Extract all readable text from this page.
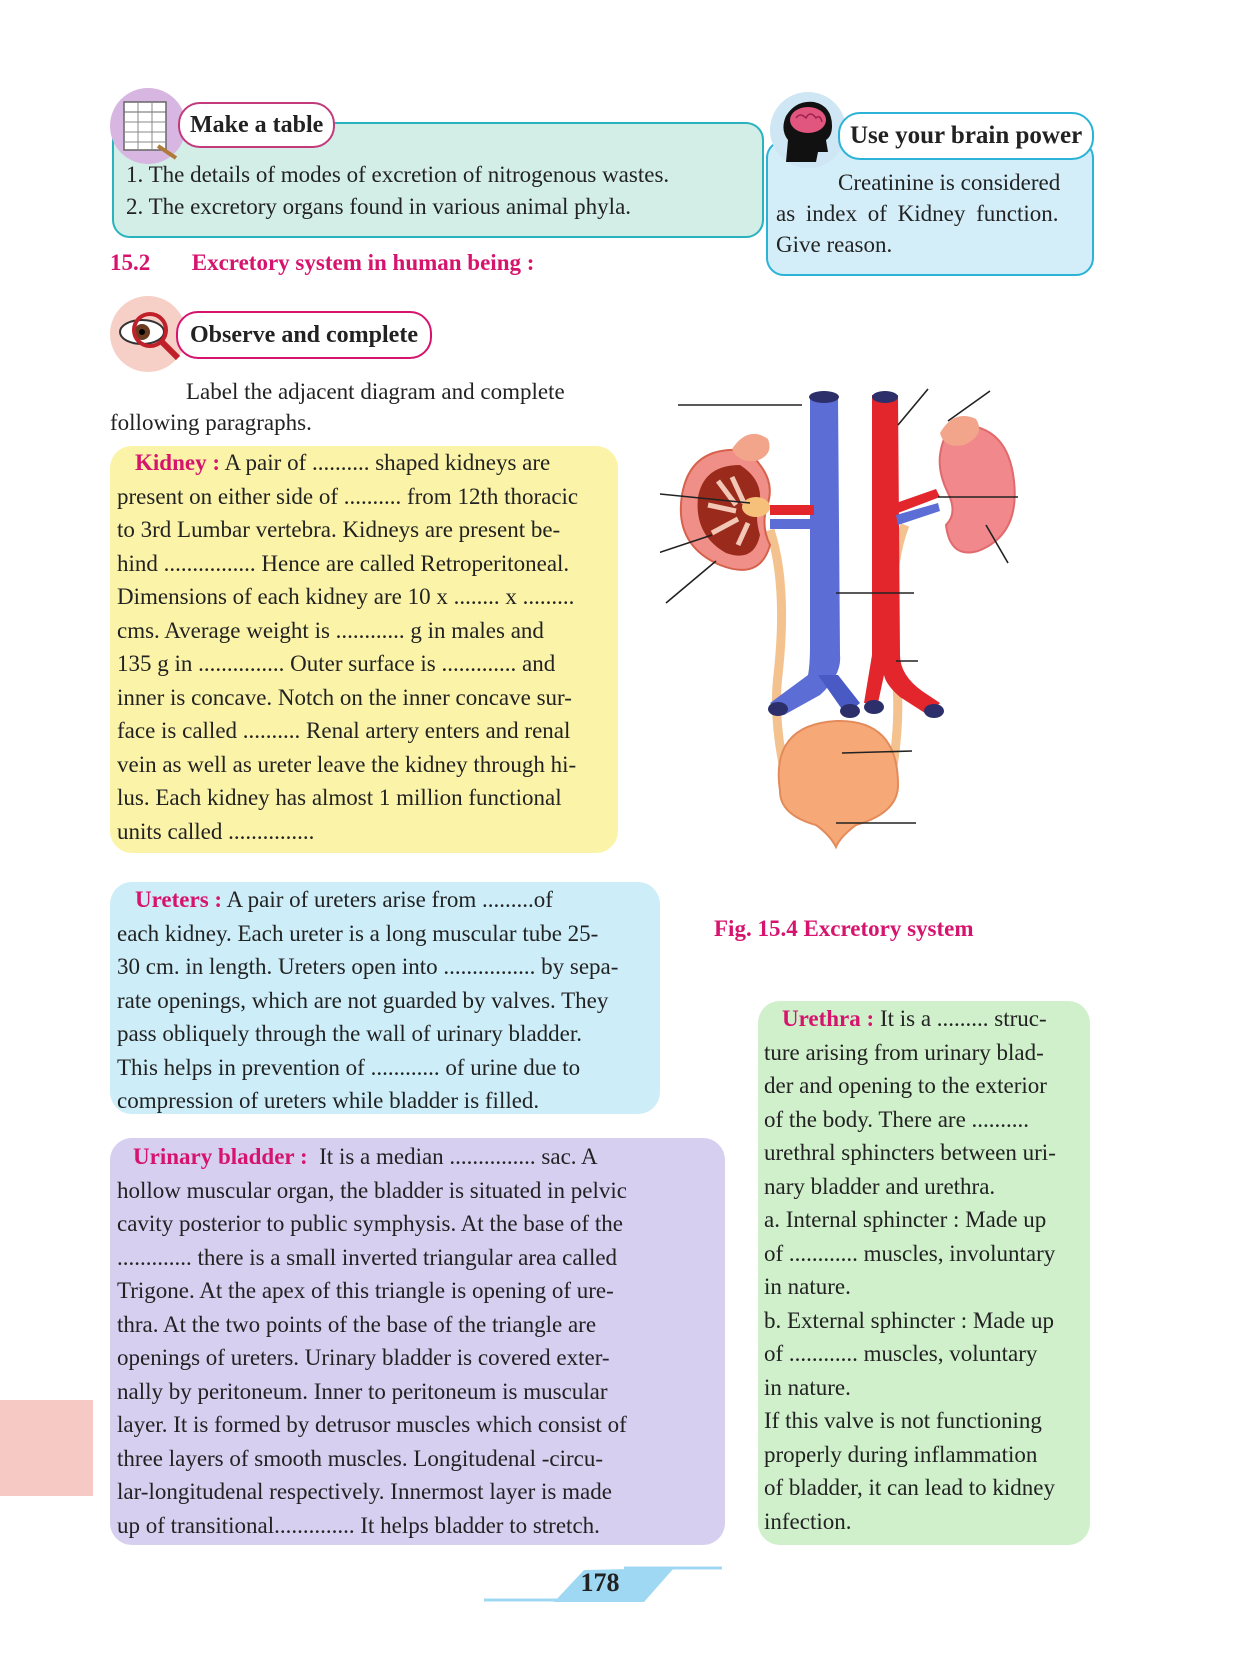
Make a table
1. The details of modes of excretion of nitrogenous wastes.
2. The excretory organs found in various animal phyla.
Use your brain power
Creatinine is considered
as index of Kidney function.
Give reason.
15.2 Excretory system in human being :
Observe and complete
Label the adjacent diagram and complete
following paragraphs.
Kidney : A pair of .......... shaped kidneys are
present on either side of .......... from 12th thoracic
to 3rd Lumbar vertebra. Kidneys are present be-
hind ................ Hence are called Retroperitoneal.
Dimensions of each kidney are 10 x ........ x .........
cms. Average weight is ............ g in males and
135 g in ............... Outer surface is ............. and
inner is concave. Notch on the inner concave sur-
face is called .......... Renal artery enters and renal
vein as well as ureter leave the kidney through hi-
lus. Each kidney has almost 1 million functional
units called ...............
Ureters : A pair of ureters arise from .........of
each kidney. Each ureter is a long muscular tube 25-
30 cm. in length. Ureters open into ................ by sepa-
rate openings, which are not guarded by valves. They
pass obliquely through the wall of urinary bladder.
This helps in prevention of ............ of urine due to
compression of ureters while bladder is filled.
Urinary bladder : It is a median ............... sac. A
hollow muscular organ, the bladder is situated in pelvic
cavity posterior to public symphysis. At the base of the
............. there is a small inverted triangular area called
Trigone. At the apex of this triangle is opening of ure-
thra. At the two points of the base of the triangle are
openings of ureters. Urinary bladder is covered exter-
nally by peritoneum. Inner to peritoneum is muscular
layer. It is formed by detrusor muscles which consist of
three layers of smooth muscles. Longitudenal -circu-
lar-longitudenal respectively. Innermost layer is made
up of transitional.............. It helps bladder to stretch.
Fig. 15.4 Excretory system
Urethra : It is a ......... struc-
ture arising from urinary blad-
der and opening to the exterior
of the body. There are ..........
urethral sphincters between uri-
nary bladder and urethra.
a. Internal sphincter : Made up
of ............ muscles, involuntary
in nature.
b. External sphincter : Made up
of ............ muscles, voluntary
in nature.
If this valve is not functioning
properly during inflammation
of bladder, it can lead to kidney
infection.
178
